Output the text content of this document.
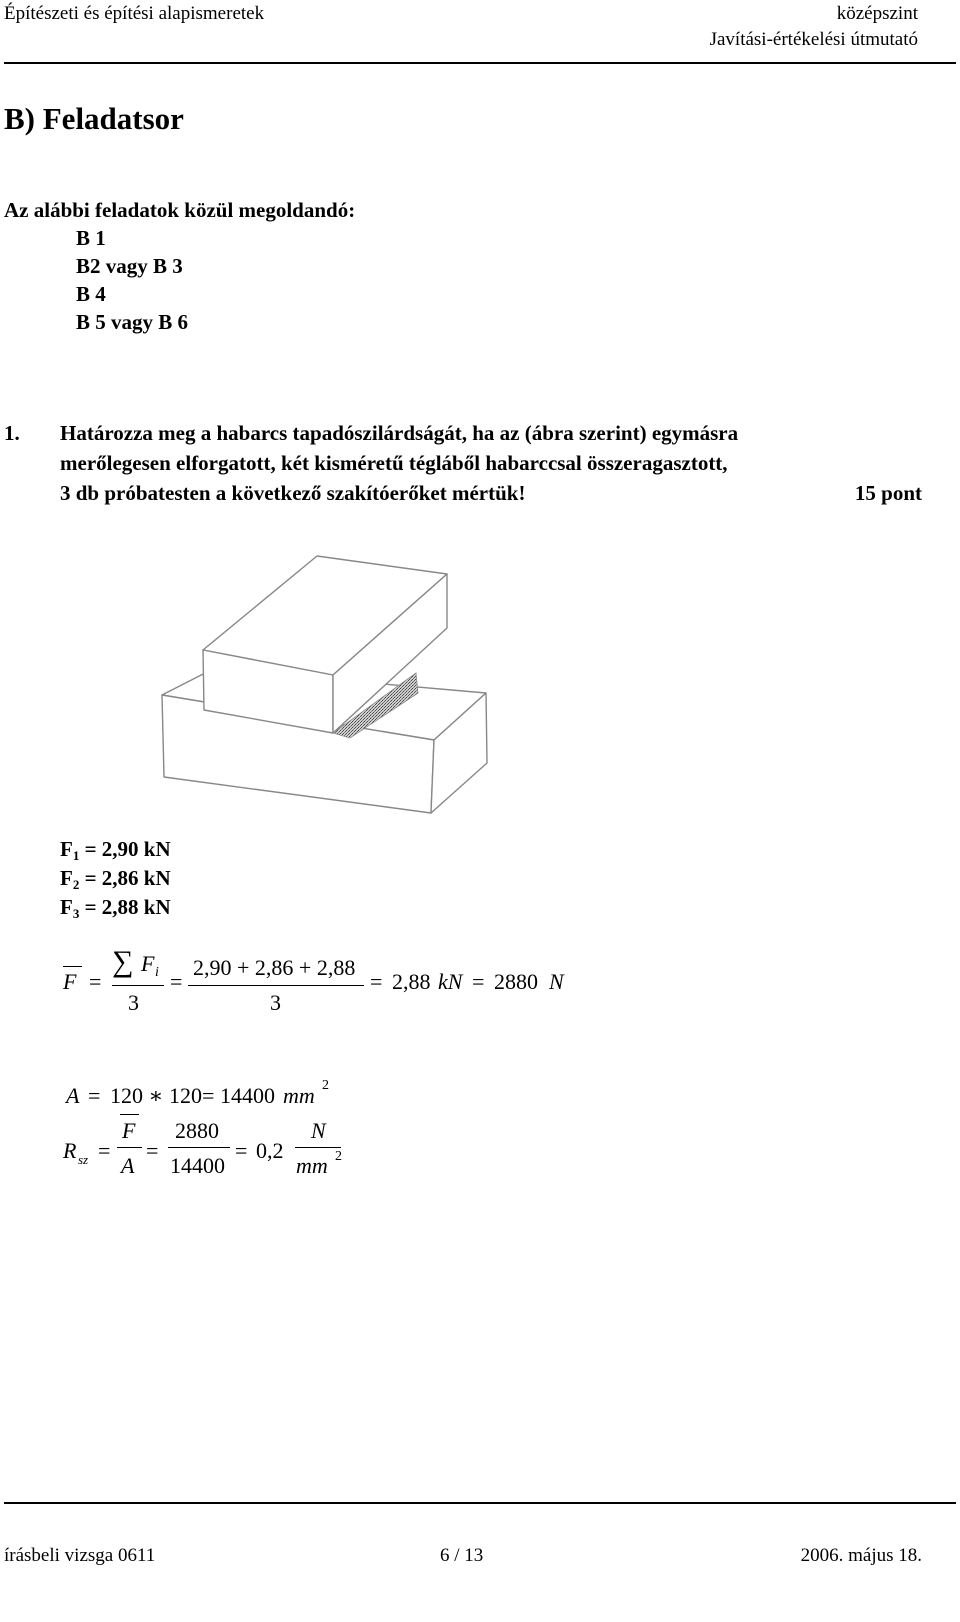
Építészeti és építési alapismeretek	középszint
Javítási-értékelési útmutató
B) Feladatsor
Az alábbi feladatok közül megoldandó:
B 1
B2 vagy B 3
B 4
B 5 vagy B 6
1. Határozza meg a habarcs tapadószilárdságát, ha az (ábra szerint) egymásra
merőlegesen elforgatott, két kisméretű tégláből habarccsal összeragasztott,
3 db próbatesten a következő szakítóerőket mértük!	15 pont
$F_1 = 2,90$ kN
$F_2 = 2,86$ kN
$F_3 = 2,88$ kN
F =
∑ F i
3
=
2,90 + 2,86 + 2,88
3
= 2,88 kN = 2880 N
A = 120 ∗ 120 = 14400 mm 2
R sz =
F
A
=
2880
14400
= 0,2
N
mm 2
írásbeli vizsga 0611	6 / 13	2006. május 18.
